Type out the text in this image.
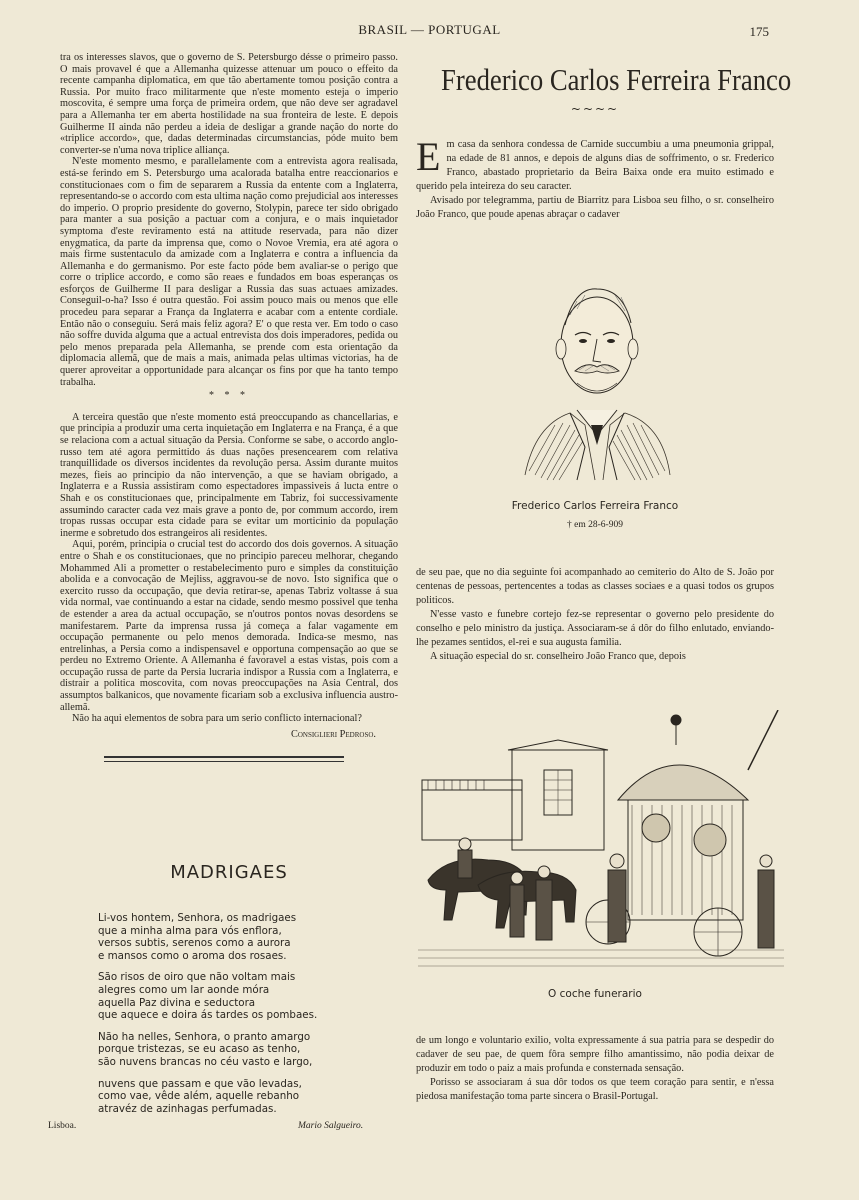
BRASIL — PORTUGAL	175

tra os interesses slavos, que o governo de S. Petersburgo désse o primeiro passo. O mais provavel é que a Allemanha quizesse attenuar um pouco o effeito da recente campanha diplomatica, em que tão abertamente tomou posição contra a Russia. Por muito fraco militarmente que n'este momento esteja o imperio moscovita, é sempre uma força de primeira ordem, que não deve ser agradavel para a Allemanha ter em aberta hostilidade na sua fronteira de leste. E depois Guilherme II ainda não perdeu a ideia de desligar a grande nação do norte do «triplice accordo», que, dadas determinadas circumstancias, póde muito bem converter-se n'uma nova triplice alliança.

N'este momento mesmo, e parallelamente com a entrevista agora realisada, está-se ferindo em S. Petersburgo uma acalorada batalha entre reaccionarios e constitucionaes com o fim de separarem a Russia da entente com a Inglaterra, representando-se o accordo com esta ultima nação como prejudicial aos interesses do imperio. O proprio presidente do governo, Stolypin, parece ter sido obrigado para manter a sua posição a pactuar com a conjura, e o mais inquietador symptoma d'este reviramento está na attitude reservada, para não dizer enygmatica, da parte da imprensa que, como o Novoe Vremia, era até agora o mais firme sustentaculo da amizade com a Inglaterra e contra a influencia da Allemanha e do germanismo. Por este facto póde bem avaliar-se o perigo que corre o triplice accordo, e como são reaes e fundados em boas esperanças os esforços de Guilherme II para desligar a Russia das suas actuaes amizades. Conseguil-o-ha? Isso é outra questão. Foi assim pouco mais ou menos que elle procedeu para separar a França da Inglaterra e acabar com a entente cordiale. Então não o conseguiu. Será mais feliz agora? E' o que resta ver. Em todo o caso não soffre duvida alguma que a actual entrevista dos dois imperadores, pedida ou pelo menos preparada pela Allemanha, se prende com esta orientação da diplomacia allemã, que de mais a mais, animada pelas ultimas victorias, ha de querer aproveitar a opportunidade para alcançar os fins por que ha tanto tempo trabalha.

* * *

A terceira questão que n'este momento está preoccupando as chancellarias, e que principia a produzir uma certa inquietação em Inglaterra e na França, é a que se relaciona com a actual situação da Persia. Conforme se sabe, o accordo anglo-russo tem até agora permittido ás duas nações presencearem com relativa tranquillidade os diversos incidentes da revolução persa. Assim durante muitos mezes, fieis ao principio da não intervenção, a que se haviam obrigado, a Inglaterra e a Russia assistiram como espectadores impassiveis á lucta entre o Shah e os constitucionaes que, principalmente em Tabriz, foi successivamente assumindo caracter cada vez mais grave a ponto de, por commum accordo, irem tropas russas occupar esta cidade para se evitar um morticinio da população inerme e sobretudo dos estrangeiros ali residentes.

Aqui, porém, principia o crucial test do accordo dos dois governos. A situação entre o Shah e os constitucionaes, que no principio pareceu melhorar, chegando Mohammed Ali a prometter o restabelecimento puro e simples da constituição abolida e a convocação de Mejliss, aggravou-se de novo. Isto significa que o exercito russo da occupação, que devia retirar-se, apenas Tabriz voltasse á sua vida normal, vae continuando a estar na cidade, sendo mesmo possivel que tenha de estender a area da actual occupação, se n'outros pontos novas desordens se manifestarem. Parte da imprensa russa já começa a falar vagamente em occupação permanente ou pelo menos demorada. Indica-se mesmo, nas entrelinhas, a Persia como a indispensavel e opportuna compensação ao que se perdeu no Extremo Oriente. A Allemanha é favoravel a estas vistas, pois com a occupação russa de parte da Persia lucraria indispor a Russia com a Inglaterra, e distrair a politica moscovita, com novas preoccupações na Asia Central, dos assumptos balkanicos, que novamente ficariam sob a exclusiva influencia austro-allemã.

Não ha aqui elementos de sobra para um serio conflicto internacional?

Consiglieri Pedroso.
MADRIGAES
Li-vos hontem, Senhora, os madrigaes
que a minha alma para vós enflora,
versos subtis, serenos como a aurora
e mansos como o aroma dos rosaes.
São risos de oiro que não voltam mais
alegres como um lar aonde móra
aquella Paz divina e seductora
que aquece e doira ás tardes os pombaes.
Não ha nelles, Senhora, o pranto amargo
porque tristezas, se eu acaso as tenho,
são nuvens brancas no céu vasto e largo,
nuvens que passam e que vão levadas,
como vae, vêde além, aquelle rebanho
atravéz de azinhagas perfumadas.
Lisboa.	Mario Salgueiro.
Frederico Carlos Ferreira Franco
~~~~

Em casa da senhora condessa de Carnide succumbiu a uma pneumonia grippal, na edade de 81 annos, e depois de alguns dias de soffrimento, o sr. Frederico Franco, abastado proprietario da Beira Baixa onde era muito estimado e querido pela inteireza do seu caracter.

Avisado por telegramma, partiu de Biarritz para Lisboa seu filho, o sr. conselheiro João Franco, que poude apenas abraçar o cadaver

Frederico Carlos Ferreira Franco
† em 28-6-909

de seu pae, que no dia seguinte foi acompanhado ao cemiterio do Alto de S. João por centenas de pessoas, pertencentes a todas as classes sociaes e a quasi todos os grupos politicos.

N'esse vasto e funebre cortejo fez-se representar o governo pelo presidente do conselho e pelo ministro da justiça. Associaram-se á dôr do filho enlutado, enviando-lhe pezames sentidos, el-rei e sua augusta familia.

A situação especial do sr. conselheiro João Franco que, depois

O coche funerario

de um longo e voluntario exilio, volta expressamente á sua patria para se despedir do cadaver de seu pae, de quem fôra sempre filho amantissimo, não podia deixar de produzir em todo o paiz a mais profunda e consternada sensação.

Porisso se associaram á sua dôr todos os que teem coração para sentir, e n'essa piedosa manifestação toma parte sincera o Brasil-Portugal.
